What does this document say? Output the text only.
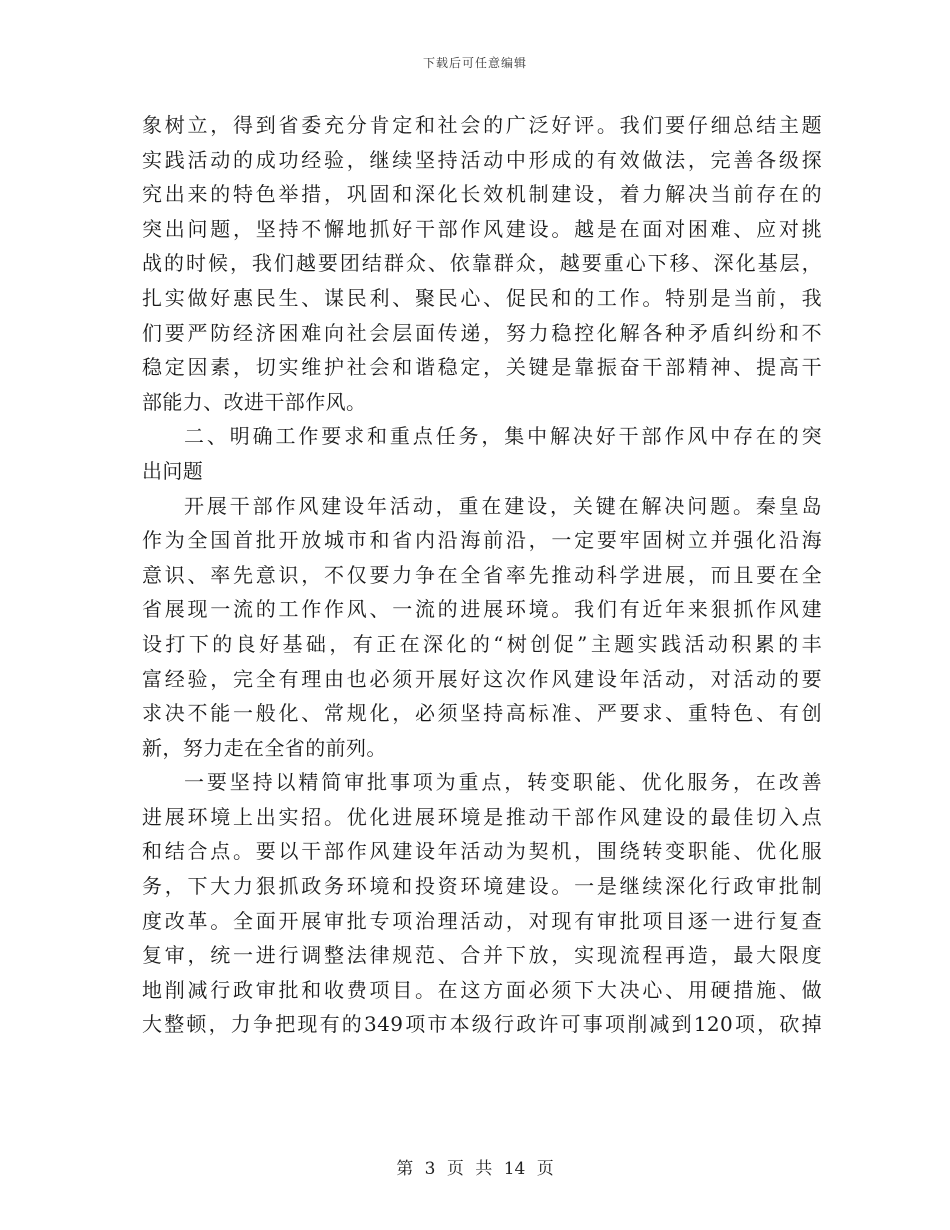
下载后可任意编辑
象树立，得到省委充分肯定和社会的广泛好评。我们要仔细总结主题
实践活动的成功经验，继续坚持活动中形成的有效做法，完善各级探
究出来的特色举措，巩固和深化长效机制建设，着力解决当前存在的
突出问题，坚持不懈地抓好干部作风建设。越是在面对困难、应对挑
战的时候，我们越要团结群众、依靠群众，越要重心下移、深化基层，
扎实做好惠民生、谋民利、聚民心、促民和的工作。特别是当前，我
们要严防经济困难向社会层面传递，努力稳控化解各种矛盾纠纷和不
稳定因素，切实维护社会和谐稳定，关键是靠振奋干部精神、提高干
部能力、改进干部作风。
二、明确工作要求和重点任务，集中解决好干部作风中存在的突
出问题
开展干部作风建设年活动，重在建设，关键在解决问题。秦皇岛
作为全国首批开放城市和省内沿海前沿，一定要牢固树立并强化沿海
意识、率先意识，不仅要力争在全省率先推动科学进展，而且要在全
省展现一流的工作作风、一流的进展环境。我们有近年来狠抓作风建
设打下的良好基础，有正在深化的“树创促”主题实践活动积累的丰
富经验，完全有理由也必须开展好这次作风建设年活动，对活动的要
求决不能一般化、常规化，必须坚持高标准、严要求、重特色、有创
新，努力走在全省的前列。
一要坚持以精简审批事项为重点，转变职能、优化服务，在改善
进展环境上出实招。优化进展环境是推动干部作风建设的最佳切入点
和结合点。要以干部作风建设年活动为契机，围绕转变职能、优化服
务，下大力狠抓政务环境和投资环境建设。一是继续深化行政审批制
度改革。全面开展审批专项治理活动，对现有审批项目逐一进行复查
复审，统一进行调整法律规范、合并下放，实现流程再造，最大限度
地削减行政审批和收费项目。在这方面必须下大决心、用硬措施、做
大整顿，力争把现有的349项市本级行政许可事项削减到120项，砍掉
第 3 页 共 14 页
